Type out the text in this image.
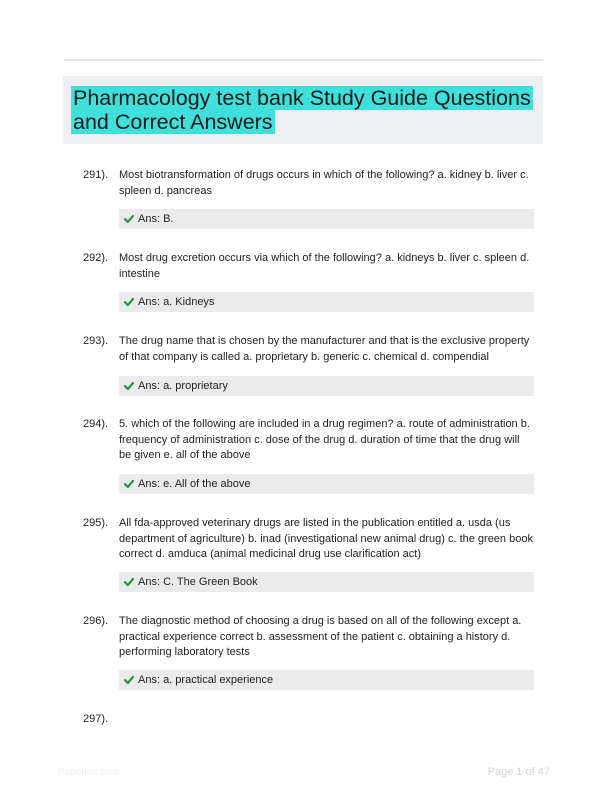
Pharmacology test bank Study Guide Questions and Correct Answers
291). Most biotransformation of drugs occurs in which of the following? a. kidney b. liver c. spleen d. pancreas
Ans: B.
292). Most drug excretion occurs via which of the following? a. kidneys b. liver c. spleen d. intestine
Ans: a. Kidneys
293). The drug name that is chosen by the manufacturer and that is the exclusive property of that company is called a. proprietary b. generic c. chemical d. compendial
Ans: a. proprietary
294). 5. which of the following are included in a drug regimen? a. route of administration b. frequency of administration c. dose of the drug d. duration of time that the drug will be given e. all of the above
Ans: e. All of the above
295). All fda-approved veterinary drugs are listed in the publication entitled a. usda (us department of agriculture) b. inad (investigational new animal drug) c. the green book correct d. amduca (animal medicinal drug use clarification act)
Ans: C. The Green Book
296). The diagnostic method of choosing a drug is based on all of the following except a. practical experience correct b. assessment of the patient c. obtaining a history d. performing laboratory tests
Ans: a. practical experience
297).
Paperlibr.com	Page 1 of 47
